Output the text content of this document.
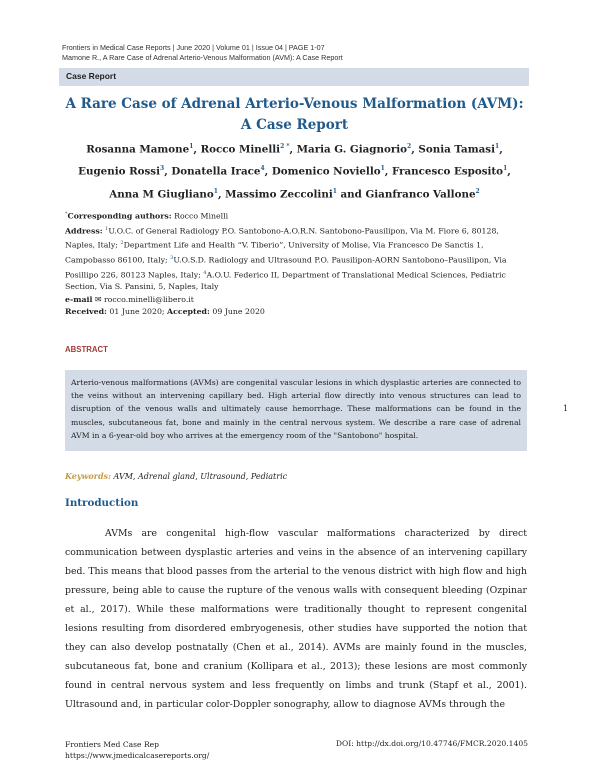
Frontiers in Medical Case Reports | June 2020 | Volume 01 | Issue 04 | PAGE 1-07
Mamone R., A Rare Case of Adrenal Arterio-Venous Malformation (AVM): A Case Report
Case Report
A Rare Case of Adrenal Arterio-Venous Malformation (AVM): A Case Report
Rosanna Mamone$^1$, Rocco Minelli$^{2 *}$, Maria G. Giagnorio$^2$, Sonia Tamasi$^1$, Eugenio Rossi$^3$, Donatella Irace$^4$, Domenico Noviello$^1$, Francesco Esposito$^1$, Anna M Giugliano$^1$, Massimo Zeccolini$^1$ and Gianfranco Vallone$^2$
*Corresponding authors: Rocco Minelli
Address: $^1$U.O.C. of General Radiology P.O. Santobono-A.O.R.N. Santobono-Pausilipon, Via M. Fiore 6, 80128, Naples, Italy; $^2$Department Life and Health “V. Tiberio”, University of Molise, Via Francesco De Sanctis 1, Campobasso 86100, Italy; $^3$U.O.S.D. Radiology and Ultrasound P.O. Pausilipon-AORN Santobono–Pausilipon, Via Posillipo 226, 80123 Naples, Italy; $^4$A.O.U. Federico II, Department of Translational Medical Sciences, Pediatric Section, Via S. Pansini, 5, Naples, Italy
e-mail ✉ rocco.minelli@libero.it
Received: 01 June 2020; Accepted: 09 June 2020
ABSTRACT
Arterio-venous malformations (AVMs) are congenital vascular lesions in which dysplastic arteries are connected to the veins without an intervening capillary bed. High arterial flow directly into venous structures can lead to disruption of the venous walls and ultimately cause hemorrhage. These malformations can be found in the muscles, subcutaneous fat, bone and mainly in the central nervous system. We describe a rare case of adrenal AVM in a 6-year-old boy who arrives at the emergency room of the "Santobono" hospital.
1
Keywords: AVM, Adrenal gland, Ultrasound, Pediatric
Introduction

AVMs are congenital high-flow vascular malformations characterized by direct communication between dysplastic arteries and veins in the absence of an intervening capillary bed. This means that blood passes from the arterial to the venous district with high flow and high pressure, being able to cause the rupture of the venous walls with consequent bleeding (Ozpinar et al., 2017). While these malformations were traditionally thought to represent congenital lesions resulting from disordered embryogenesis, other studies have supported the notion that they can also develop postnatally (Chen et al., 2014). AVMs are mainly found in the muscles, subcutaneous fat, bone and cranium (Kollipara et al., 2013); these lesions are most commonly found in central nervous system and less frequently on limbs and trunk (Stapf et al., 2001). Ultrasound and, in particular color-Doppler sonography, allow to diagnose AVMs through the

Frontiers Med Case Rep
https://www.jmedicalcasereports.org/
DOI: http://dx.doi.org/10.47746/FMCR.2020.1405
